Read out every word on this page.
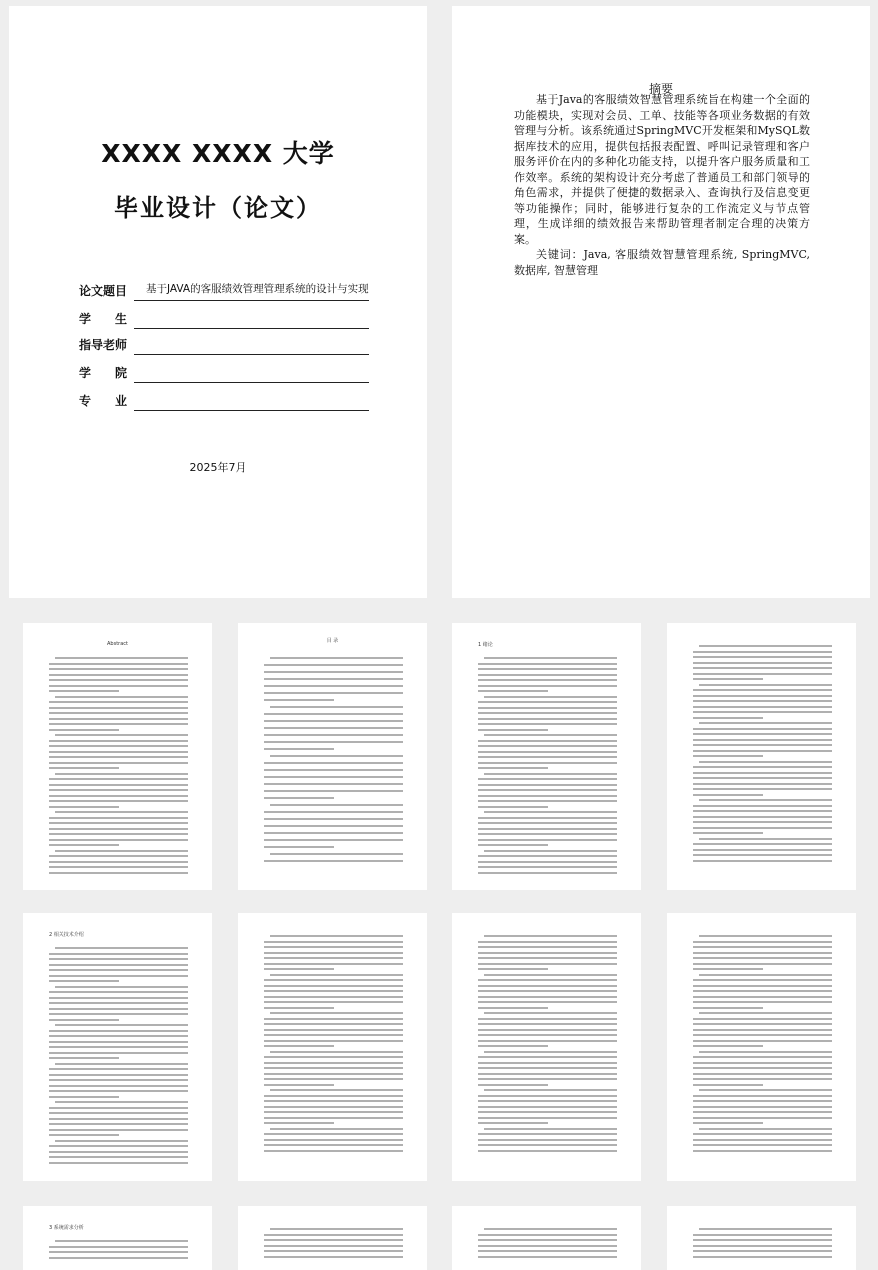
XXXX XXXX 大学
毕业设计（论文）
论文题目	基于JAVA的客服绩效管理管理系统的设计与实现
学 生
指导老师
学 院
专 业
2025年7月
摘要

基于Java的客服绩效智慧管理系统旨在构建一个全面的功能模块，实现对会员、工单、技能等各项业务数据的有效管理与分析。该系统通过SpringMVC开发框架和MySQL数据库技术的应用，提供包括报表配置、呼叫记录管理和客户服务评价在内的多种化功能支持，以提升客户服务质量和工作效率。系统的架构设计充分考虑了普通员工和部门领导的角色需求，并提供了便捷的数据录入、查询执行及信息变更等功能操作；同时，能够进行复杂的工作流定义与节点管理，生成详细的绩效报告来帮助管理者制定合理的决策方案。

关键词：Java, 客服绩效智慧管理系统, SpringMVC, 数据库, 智慧管理

Abstract	目 录
1 绪论
2 相关技术介绍
3 系统需求分析
